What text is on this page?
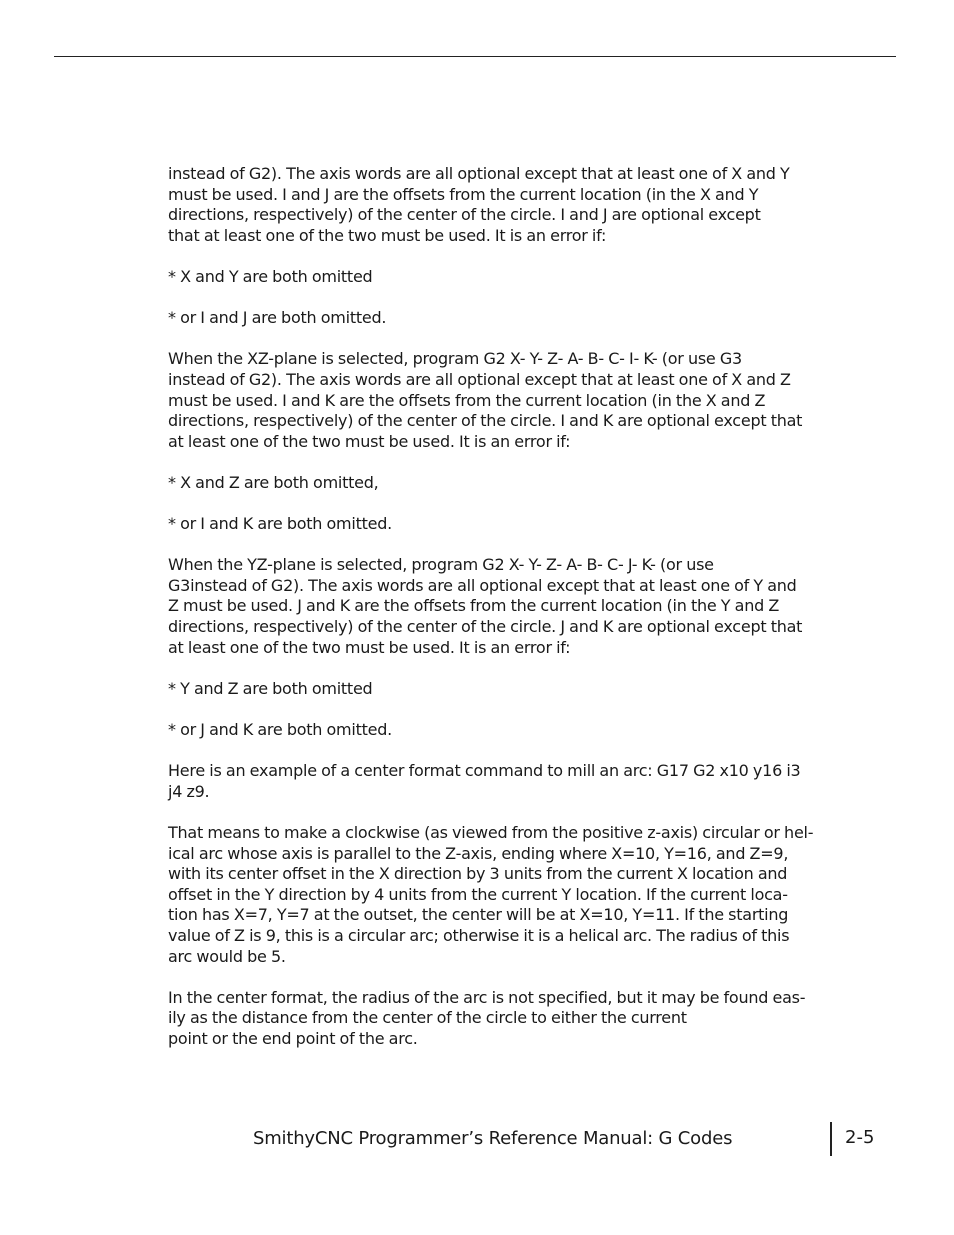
instead of G2). The axis words are all optional except that at least one of X and Y
must be used. I and J are the offsets from the current location (in the X and Y
directions, respectively) of the center of the circle. I and J are optional except
that at least one of the two must be used. It is an error if:

* X and Y are both omitted

* or I and J are both omitted.

When the XZ-plane is selected, program G2 X- Y- Z- A- B- C- I- K- (or use G3
instead of G2). The axis words are all optional except that at least one of X and Z
must be used. I and K are the offsets from the current location (in the X and Z
directions, respectively) of the center of the circle. I and K are optional except that
at least one of the two must be used. It is an error if:

* X and Z are both omitted,

* or I and K are both omitted.

When the YZ-plane is selected, program G2 X- Y- Z- A- B- C- J- K- (or use
G3instead of G2). The axis words are all optional except that at least one of Y and
Z must be used. J and K are the offsets from the current location (in the Y and Z
directions, respectively) of the center of the circle. J and K are optional except that
at least one of the two must be used. It is an error if:

* Y and Z are both omitted

* or J and K are both omitted.

Here is an example of a center format command to mill an arc: G17 G2 x10 y16 i3
j4 z9.

That means to make a clockwise (as viewed from the positive z-axis) circular or hel-
ical arc whose axis is parallel to the Z-axis, ending where X=10, Y=16, and Z=9,
with its center offset in the X direction by 3 units from the current X location and
offset in the Y direction by 4 units from the current Y location. If the current loca-
tion has X=7, Y=7 at the outset, the center will be at X=10, Y=11. If the starting
value of Z is 9, this is a circular arc; otherwise it is a helical arc. The radius of this
arc would be 5.

In the center format, the radius of the arc is not specified, but it may be found eas-
ily as the distance from the center of the circle to either the current
point or the end point of the arc.

SmithyCNC Programmer’s Reference Manual: G Codes	2-5
